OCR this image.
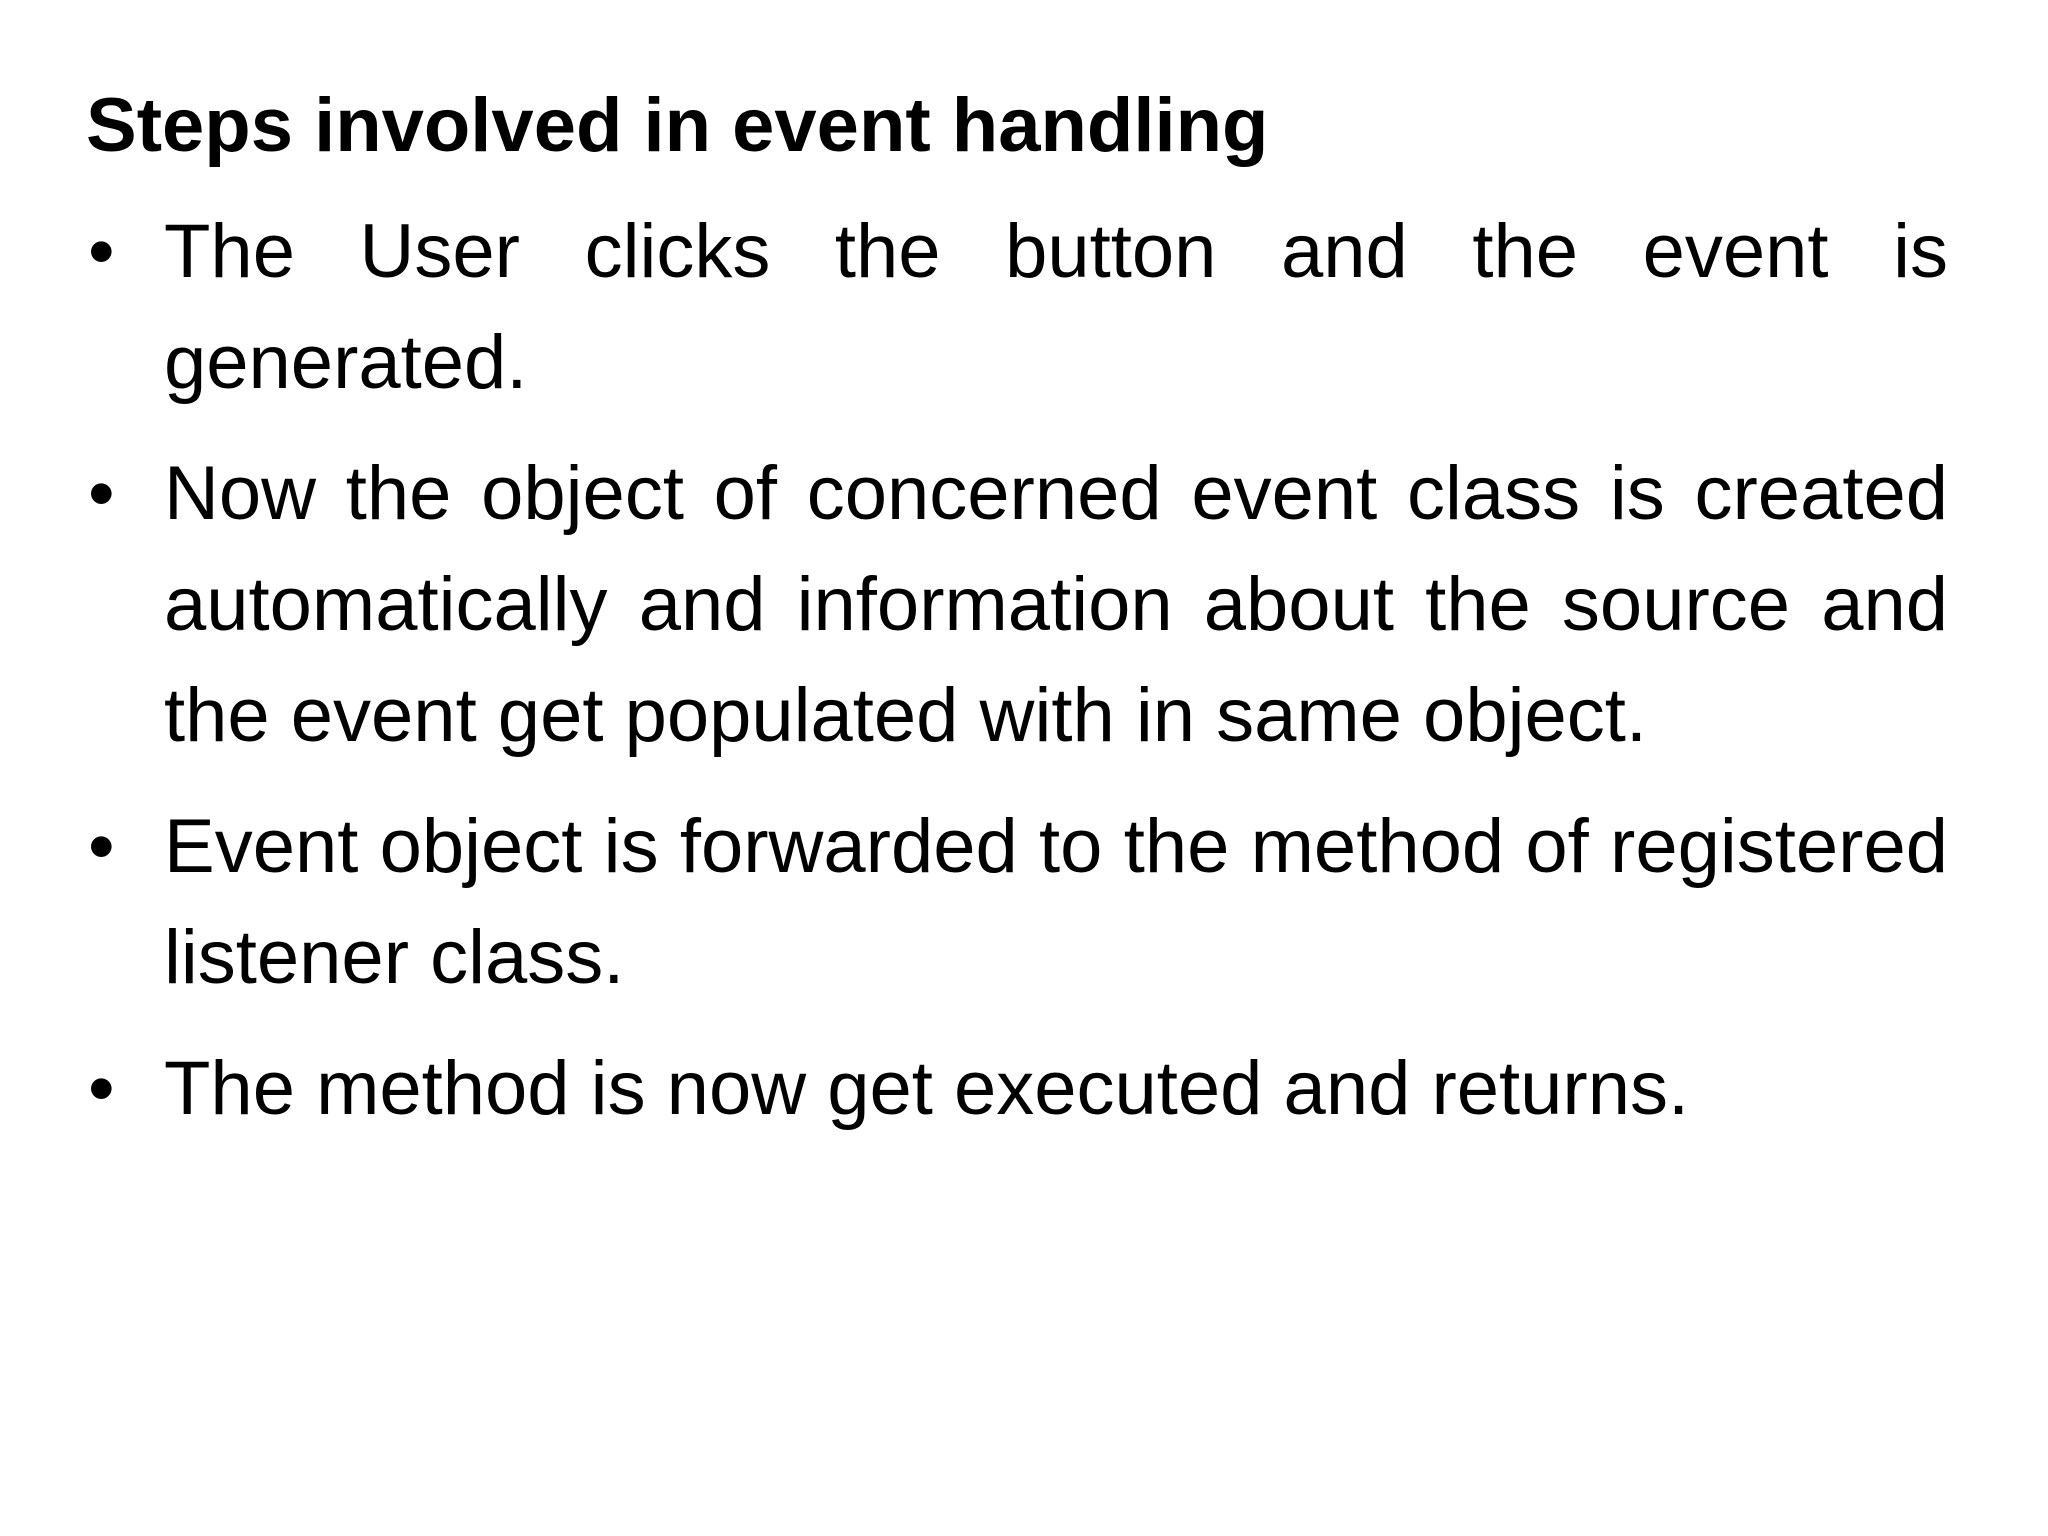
Steps involved in event handling
• The User clicks the button and the event is generated.
• Now the object of concerned event class is created automatically and information about the source and the event get populated with in same object.
• Event object is forwarded to the method of registered listener class.
• The method is now get executed and returns.
